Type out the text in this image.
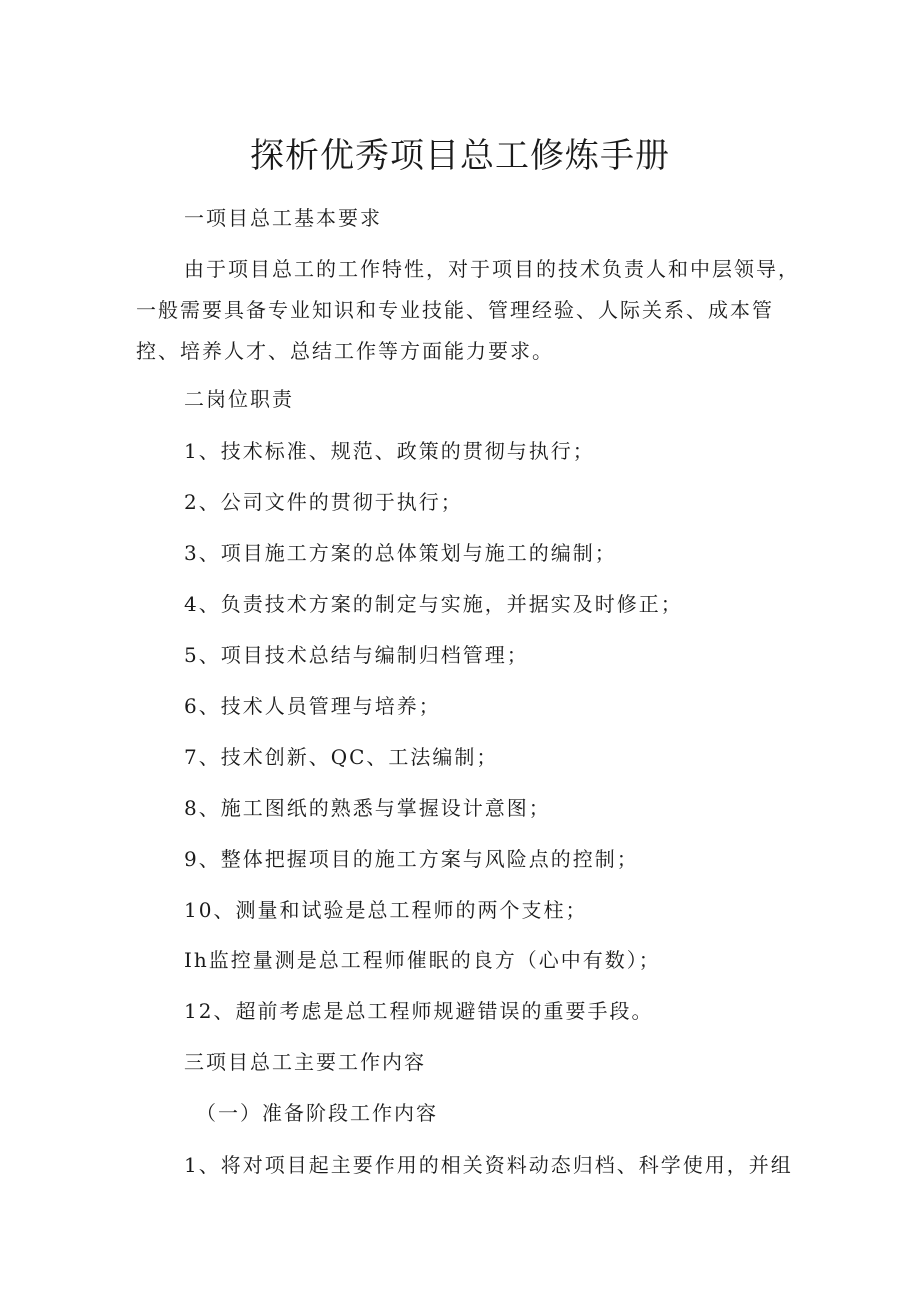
探析优秀项目总工修炼手册

一项目总工基本要求

由于项目总工的工作特性，对于项目的技术负责人和中层领导，一般需要具备专业知识和专业技能、管理经验、人际关系、成本管控、培养人才、总结工作等方面能力要求。

二岗位职责

1、技术标准、规范、政策的贯彻与执行；

2、公司文件的贯彻于执行；

3、项目施工方案的总体策划与施工的编制；

4、负责技术方案的制定与实施，并据实及时修正；

5、项目技术总结与编制归档管理；

6、技术人员管理与培养；

7、技术创新、QC、工法编制；

8、施工图纸的熟悉与掌握设计意图；

9、整体把握项目的施工方案与风险点的控制；

10、测量和试验是总工程师的两个支柱；

Ih监控量测是总工程师催眠的良方（心中有数）；

12、超前考虑是总工程师规避错误的重要手段。

三项目总工主要工作内容

（一）准备阶段工作内容

1、将对项目起主要作用的相关资料动态归档、科学使用，并组
